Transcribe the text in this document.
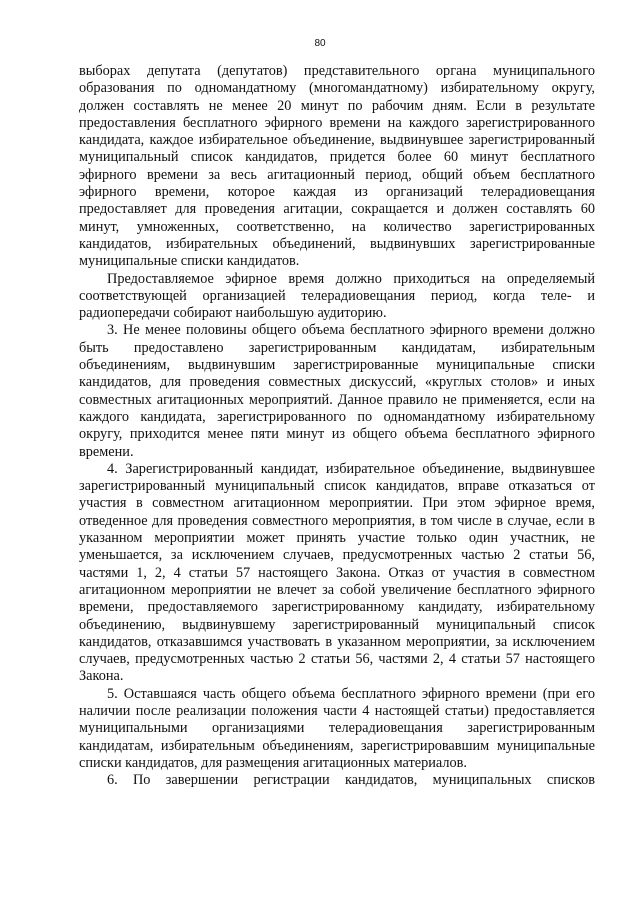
80

выборах депутата (депутатов) представительного органа муниципального образования по одномандатному (многомандатному) избирательному округу, должен составлять не менее 20 минут по рабочим дням. Если в результате предоставления бесплатного эфирного времени на каждого зарегистрированного кандидата, каждое избирательное объединение, выдвинувшее зарегистрированный муниципальный список кандидатов, придется более 60 минут бесплатного эфирного времени за весь агитационный период, общий объем бесплатного эфирного времени, которое каждая из организаций телерадиовещания предоставляет для проведения агитации, сокращается и должен составлять 60 минут, умноженных, соответственно, на количество зарегистрированных кандидатов, избирательных объединений, выдвинувших зарегистрированные муниципальные списки кандидатов.

Предоставляемое эфирное время должно приходиться на определяемый соответствующей организацией телерадиовещания период, когда теле- и радиопередачи собирают наибольшую аудиторию.

3. Не менее половины общего объема бесплатного эфирного времени должно быть предоставлено зарегистрированным кандидатам, избирательным объединениям, выдвинувшим зарегистрированные муниципальные списки кандидатов, для проведения совместных дискуссий, «круглых столов» и иных совместных агитационных мероприятий. Данное правило не применяется, если на каждого кандидата, зарегистрированного по одномандатному избирательному округу, приходится менее пяти минут из общего объема бесплатного эфирного времени.

4. Зарегистрированный кандидат, избирательное объединение, выдвинувшее зарегистрированный муниципальный список кандидатов, вправе отказаться от участия в совместном агитационном мероприятии. При этом эфирное время, отведенное для проведения совместного мероприятия, в том числе в случае, если в указанном мероприятии может принять участие только один участник, не уменьшается, за исключением случаев, предусмотренных частью 2 статьи 56, частями 1, 2, 4 статьи 57 настоящего Закона. Отказ от участия в совместном агитационном мероприятии не влечет за собой увеличение бесплатного эфирного времени, предоставляемого зарегистрированному кандидату, избирательному объединению, выдвинувшему зарегистрированный муниципальный список кандидатов, отказавшимся участвовать в указанном мероприятии, за исключением случаев, предусмотренных частью 2 статьи 56, частями 2, 4 статьи 57 настоящего Закона.

5. Оставшаяся часть общего объема бесплатного эфирного времени (при его наличии после реализации положения части 4 настоящей статьи) предоставляется муниципальными организациями телерадиовещания зарегистрированным кандидатам, избирательным объединениям, зарегистрировавшим муниципальные списки кандидатов, для размещения агитационных материалов.

6. По завершении регистрации кандидатов, муниципальных списков
